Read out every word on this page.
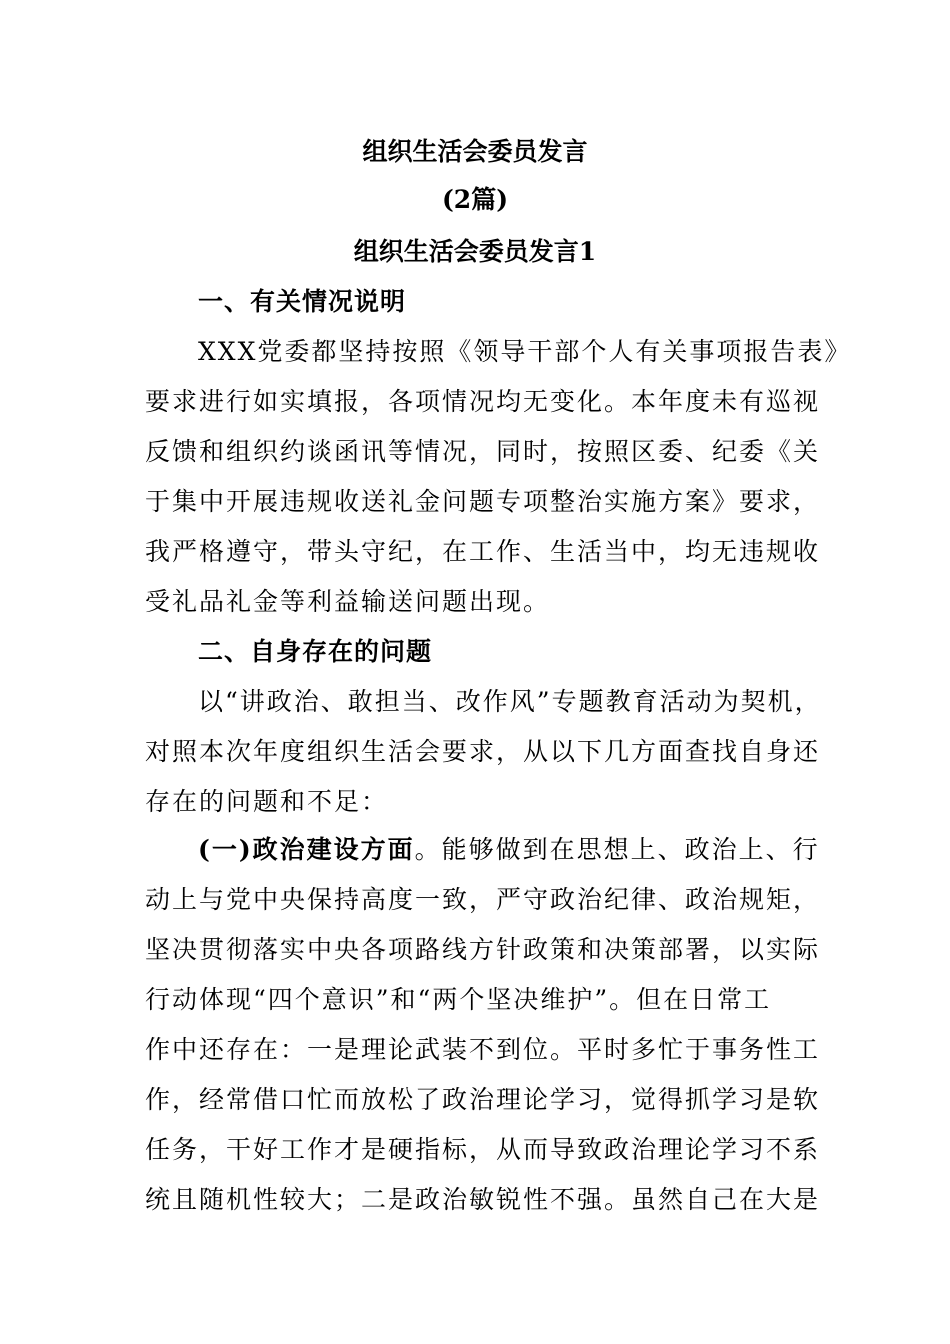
组织生活会委员发言
(2篇)
组织生活会委员发言1
一、有关情况说明
XXX党委都坚持按照《领导干部个人有关事项报告表》
要求进行如实填报，各项情况均无变化。本年度未有巡视
反馈和组织约谈函讯等情况，同时，按照区委、纪委《关
于集中开展违规收送礼金问题专项整治实施方案》要求，
我严格遵守，带头守纪，在工作、生活当中，均无违规收
受礼品礼金等利益输送问题出现。
二、自身存在的问题
以“讲政治、敢担当、改作风”专题教育活动为契机，
对照本次年度组织生活会要求，从以下几方面查找自身还
存在的问题和不足：
(一)政治建设方面。能够做到在思想上、政治上、行
动上与党中央保持高度一致，严守政治纪律、政治规矩，
坚决贯彻落实中央各项路线方针政策和决策部署，以实际
行动体现“四个意识”和“两个坚决维护”。但在日常工
作中还存在：一是理论武装不到位。平时多忙于事务性工
作，经常借口忙而放松了政治理论学习，觉得抓学习是软
任务，干好工作才是硬指标，从而导致政治理论学习不系
统且随机性较大；二是政治敏锐性不强。虽然自己在大是
